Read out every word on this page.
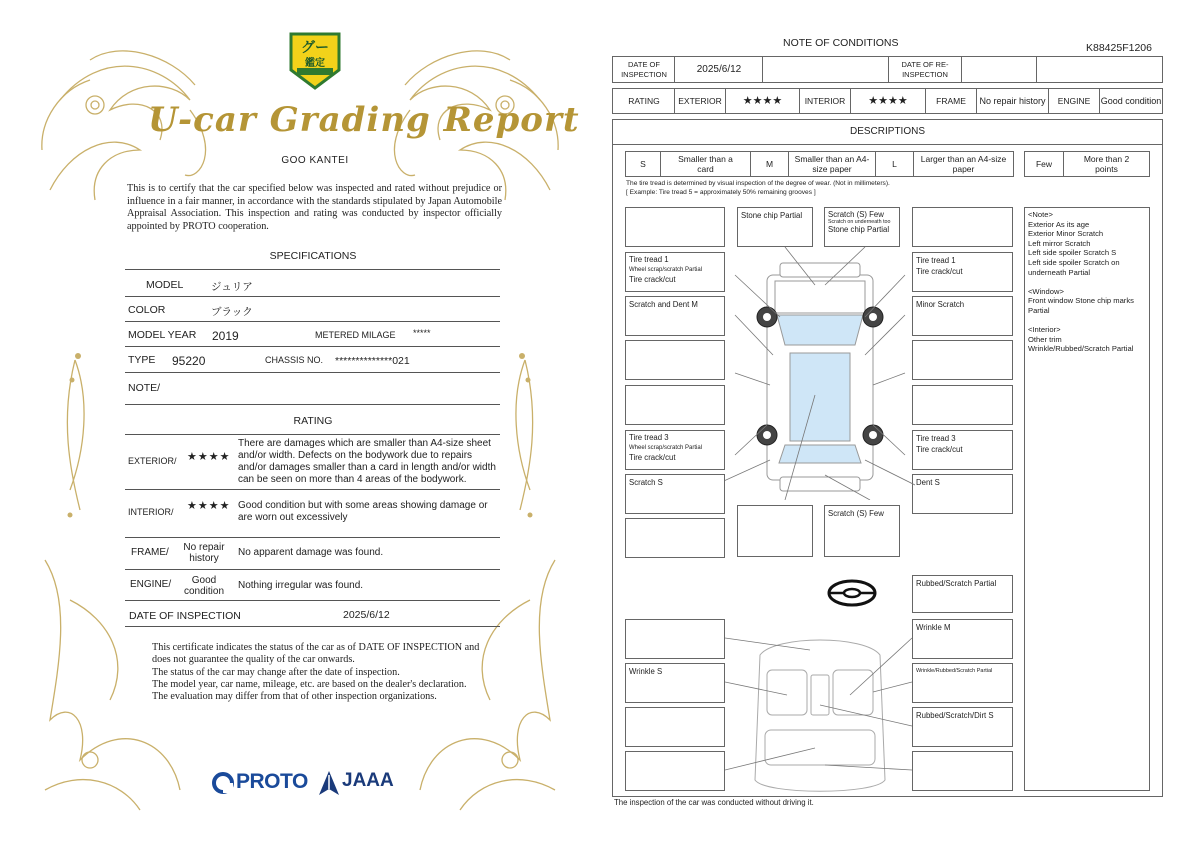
グー
鑑定
U-car Grading Report
GOO KANTEI
This is to certify that the car specified below was inspected and rated without prejudice or influence in a fair manner, in accordance with the standards stipulated by Japan Automobile Appraisal Association. This inspection and rating was conducted by inspector officially appointed by PROTO cooperation.
SPECIFICATIONS
MODEL	ジュリア
COLOR	ブラック
MODEL YEAR 2019	METERED MILAGE *****
TYPE 95220	CHASSIS NO. **************021
NOTE/
RATING
EXTERIOR/ ★★★★
There are damages which are smaller than A4-size sheet and/or width. Defects on the bodywork due to repairs and/or damages smaller than a card in length and/or width can be seen on more than 4 areas of the bodywork.
INTERIOR/ ★★★★ Good condition but with some areas showing damage or are worn out excessively
FRAME/	No repair history
No apparent damage was found.
ENGINE/	Good condition
Nothing irregular was found.
DATE OF INSPECTION	2025/6/12
This certificate indicates the status of the car as of DATE OF INSPECTION and does not guarantee the quality of the car onwards.
The status of the car may change after the date of inspection.
The model year, car name, mileage, etc. are based on the dealer's declaration.
The evaluation may differ from that of other inspection organizations.
PROTO JAAA
NOTE OF CONDITIONS	K88425F1206
DATE OF INSPECTION	2025/6/12	DATE OF RE-INSPECTION
RATING	EXTERIOR	★★★★	INTERIOR	★★★★	FRAME	No repair history	ENGINE	Good condition
DESCRIPTIONS
S	Smaller than a card	M	Smaller than an A4-size paper	L	Larger than an A4-size paper	Few	More than 2 points
The tire tread is determined by visual inspection of the degree of wear. (Not in millimeters).
[ Example: Tire tread 5 = approximately 50% remaining grooves ]
Tire tread 1
Wheel scrap/scratch Partial
Tire crack/cut
Scratch and Dent M
Tire tread 3
Wheel scrap/scratch Partial
Tire crack/cut
Scratch S
Stone chip Partial	Scratch (S) Few
Scratch on underneath too
Stone chip Partial
Scratch (S) Few
Tire tread 1
Tire crack/cut
Minor Scratch
Tire tread 3
Tire crack/cut
Dent S
Rubbed/Scratch Partial
Wrinkle M
Wrinkle S	Wrinkle/Rubbed/Scratch Partial
Rubbed/Scratch/Dirt S
<Note>
Exterior As its age
Exterior Minor Scratch
Left mirror Scratch
Left side spoiler Scratch S
Left side spoiler Scratch on underneath Partial
<Window>
Front window Stone chip marks Partial
<Interior>
Other trim
Wrinkle/Rubbed/Scratch Partial
The inspection of the car was conducted without driving it.
